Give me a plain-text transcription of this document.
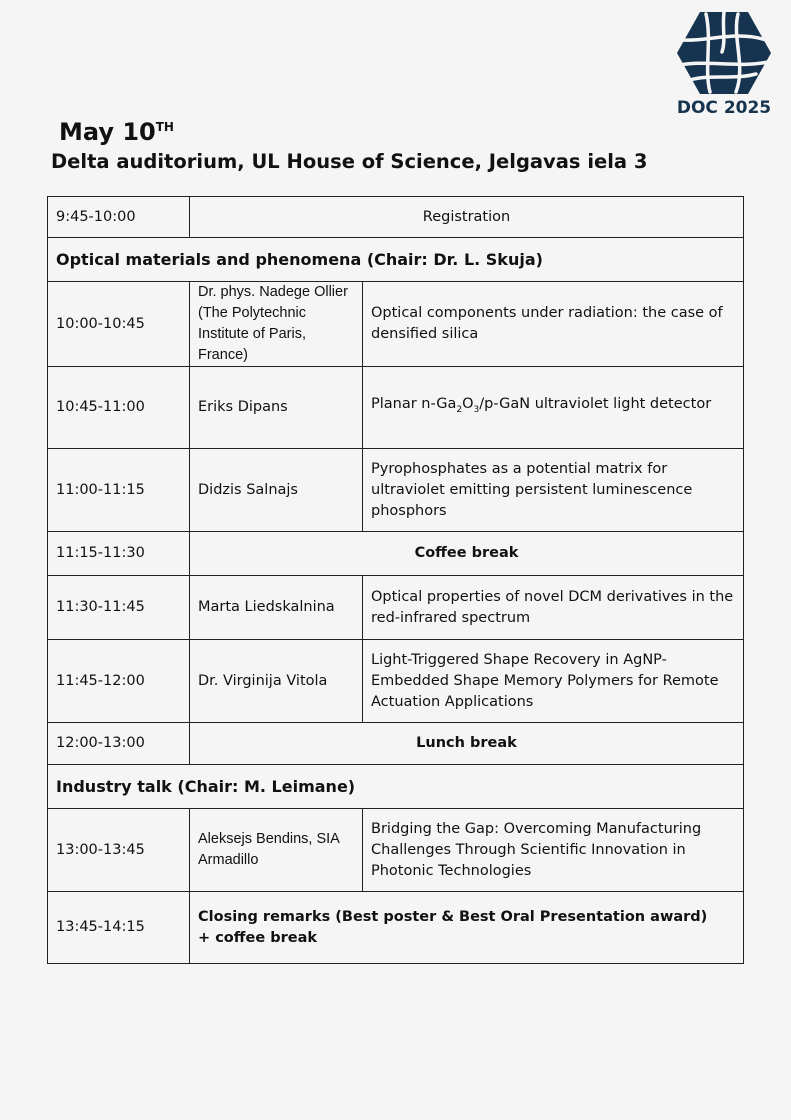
DOC 2025
May 10TH
Delta auditorium, UL House of Science, Jelgavas iela 3
9:45-10:00	Registration	
Optical materials and phenomena (Chair: Dr. L. Skuja)		
10:00-10:45	Dr. phys. Nadege Ollier (The Polytechnic Institute of Paris, France)	Optical components under radiation: the case of densified silica
10:45-11:00	Eriks Dipans	Planar $n-Ga_2O_3/p$-GaN ultraviolet light detector
11:00-11:15	Didzis Salnajs	Pyrophosphates as a potential matrix for ultraviolet emitting persistent luminescence phosphors
11:15-11:30	Coffee break	
11:30-11:45	Marta Liedskalnina	Optical properties of novel DCM derivatives in the red-infrared spectrum
11:45-12:00	Dr. Virginija Vitola	Light-Triggered Shape Recovery in AgNP-Embedded Shape Memory Polymers for Remote Actuation Applications
12:00-13:00	Lunch break	
Industry talk (Chair: M. Leimane)		
13:00-13:45	Aleksejs Bendins, SIA Armadillo	Bridging the Gap: Overcoming Manufacturing Challenges Through Scientific Innovation in Photonic Technologies
13:45-14:15	Closing remarks (Best poster & Best Oral Presentation award)
+ coffee break	
